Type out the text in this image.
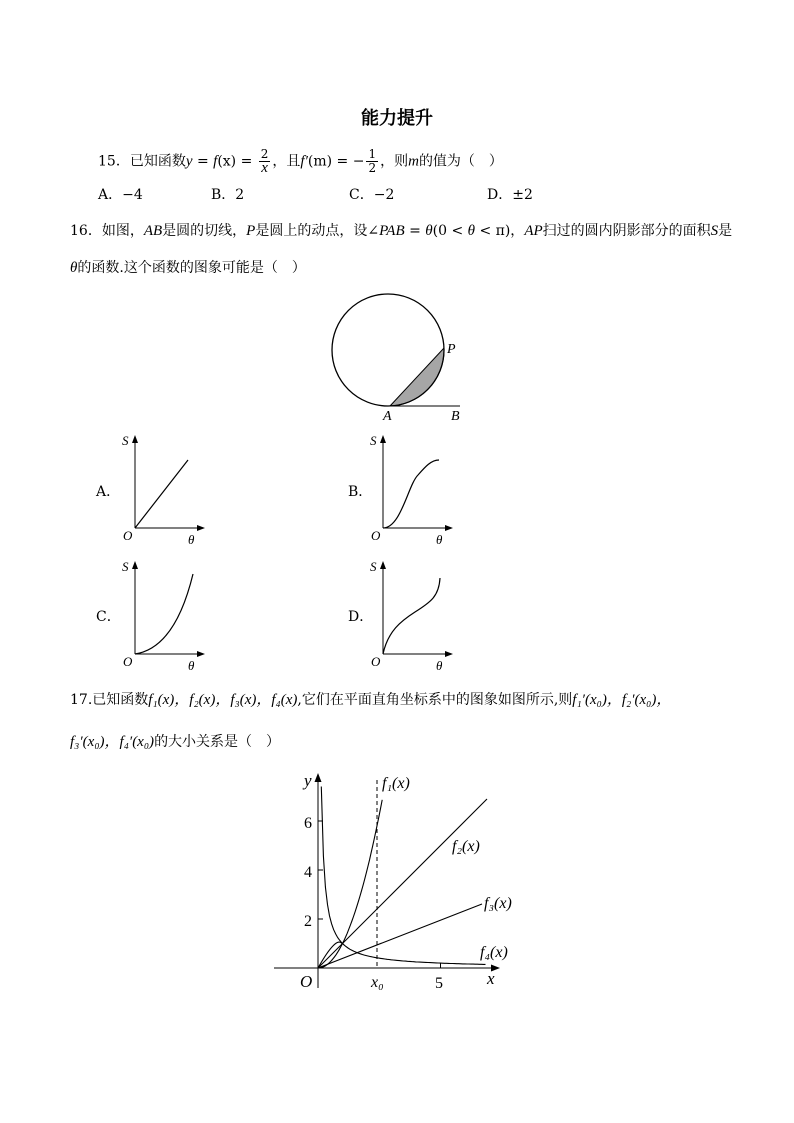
能力提升
15．已知函数$y = f(x) = \frac{2}{x}$ ，且f′(m) = − $\frac{1}{2}$ ，则m的值为（　）
A．−4	B．2	C．−2	D．±2
16．如图，AB是圆的切线，P是圆上的动点，设∠PAB = θ(0 < θ < π)，AP扫过的圆内阴影部分的面积S是
θ的函数.这个函数的图象可能是（　）
P
A	B
A．	B．
C．	D．
S
O	θ
S
O	θ
S
O	θ
S
O	θ
17.已知函数f₁(x)，f₂(x)，f₃(x)，f₄(x),它们在平面直角坐标系中的图象如图所示,则f₁′(x₀)，f₂′(x₀)，
f₃′(x₀)，f₄′(x₀)的大小关系是（　）
y
x
O
2
4
6
5
x₀
f₁(x)
f₂(x)
f₃(x)
f₄(x)
